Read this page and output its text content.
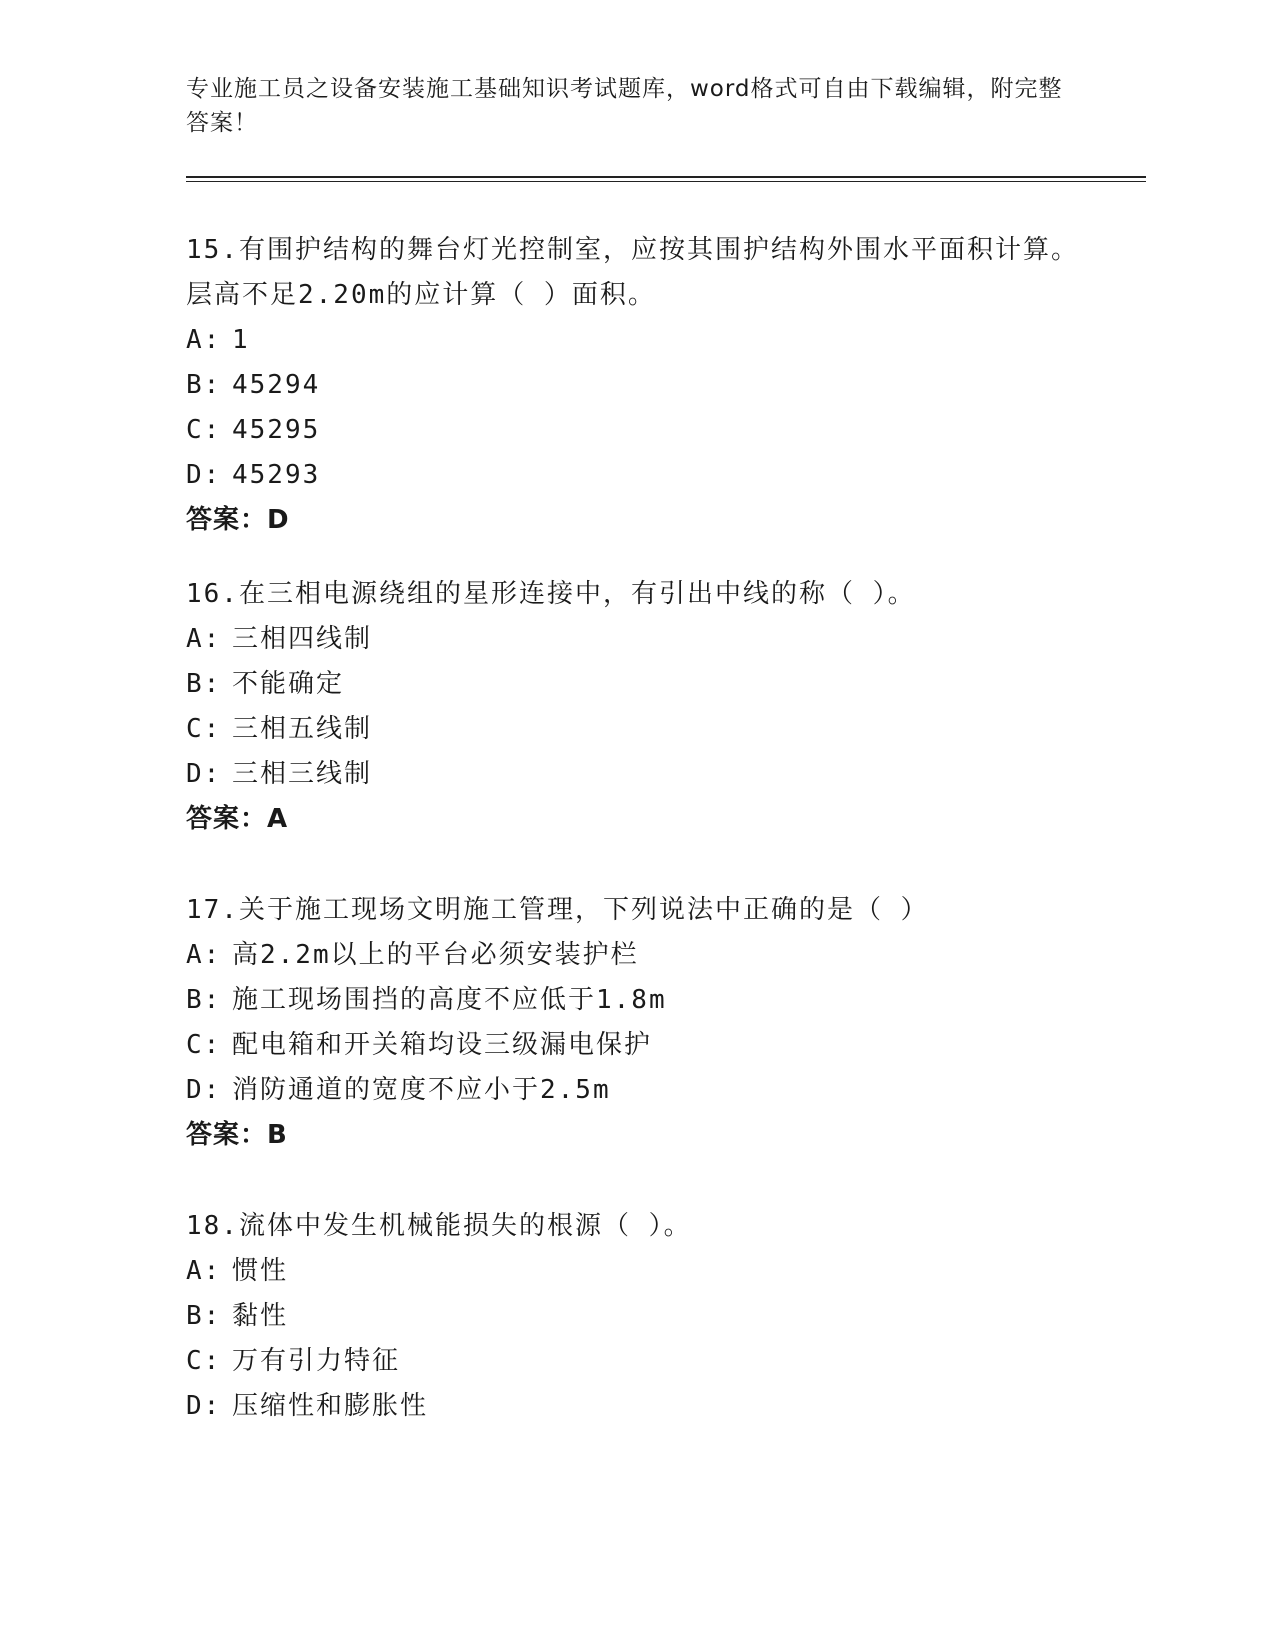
专业施工员之设备安装施工基础知识考试题库，word格式可自由下载编辑，附完整答案！

15.有围护结构的舞台灯光控制室，应按其围护结构外围水平面积计算。层高不足2.20m的应计算（ ）面积。

A: 1

B: 45294

C: 45295

D: 45293

答案：D

16.在三相电源绕组的星形连接中，有引出中线的称（ ）。

A: 三相四线制

B: 不能确定

C: 三相五线制

D: 三相三线制

答案：A

17.关于施工现场文明施工管理，下列说法中正确的是（ ）

A: 高2.2m以上的平台必须安装护栏

B: 施工现场围挡的高度不应低于1.8m

C: 配电箱和开关箱均设三级漏电保护

D: 消防通道的宽度不应小于2.5m

答案：B

18.流体中发生机械能损失的根源（ ）。

A: 惯性

B: 黏性

C: 万有引力特征

D: 压缩性和膨胀性
